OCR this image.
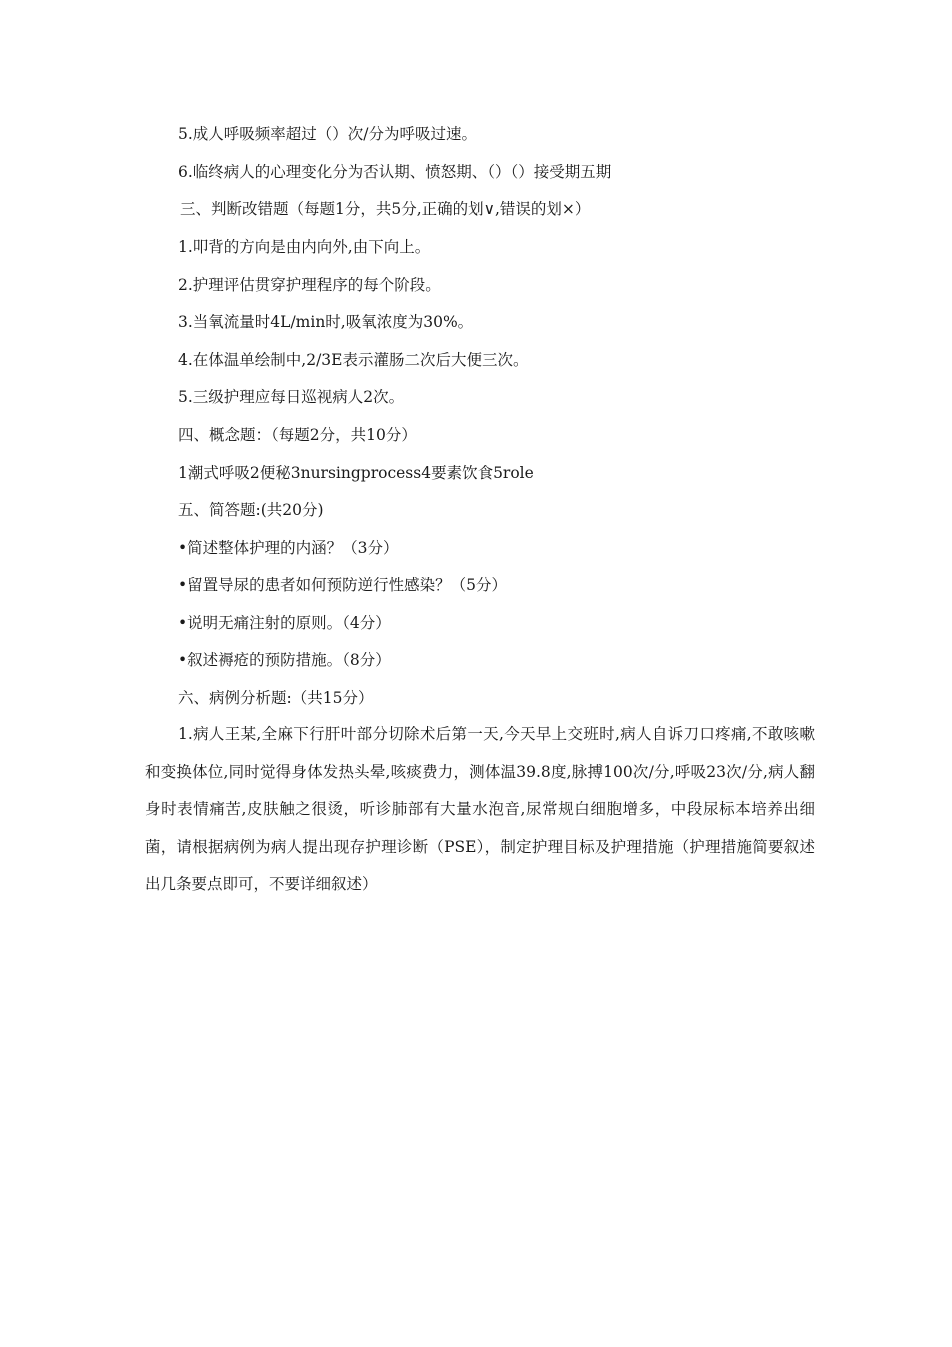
5.成人呼吸频率超过（）次/分为呼吸过速。
6.临终病人的心理变化分为否认期、愤怒期、（）（）接受期五期
三、判断改错题（每题1分，共5分,正确的划∨,错误的划×）
1.叩背的方向是由内向外,由下向上。
2.护理评估贯穿护理程序的每个阶段。
3.当氧流量时4L/min时,吸氧浓度为30%。
4.在体温单绘制中,2/3E表示灌肠二次后大便三次。
5.三级护理应每日巡视病人2次。
四、概念题：（每题2分，共10分）
1潮式呼吸2便秘3nursingprocess4要素饮食5role
五、简答题:(共20分)
•简述整体护理的内涵？（3分）
•留置导尿的患者如何预防逆行性感染？（5分）
•说明无痛注射的原则。（4分）
•叙述褥疮的预防措施。（8分）
六、病例分析题:（共15分）

1.病人王某,全麻下行肝叶部分切除术后第一天,今天早上交班时,病人自诉刀口疼痛,不敢咳嗽和变换体位,同时觉得身体发热头晕,咳痰费力，测体温39.8度,脉搏100次/分,呼吸23次/分,病人翻身时表情痛苦,皮肤触之很烫，听诊肺部有大量水泡音,尿常规白细胞增多，中段尿标本培养出细菌，请根据病例为病人提出现存护理诊断（PSE），制定护理目标及护理措施（护理措施简要叙述出几条要点即可，不要详细叙述）
